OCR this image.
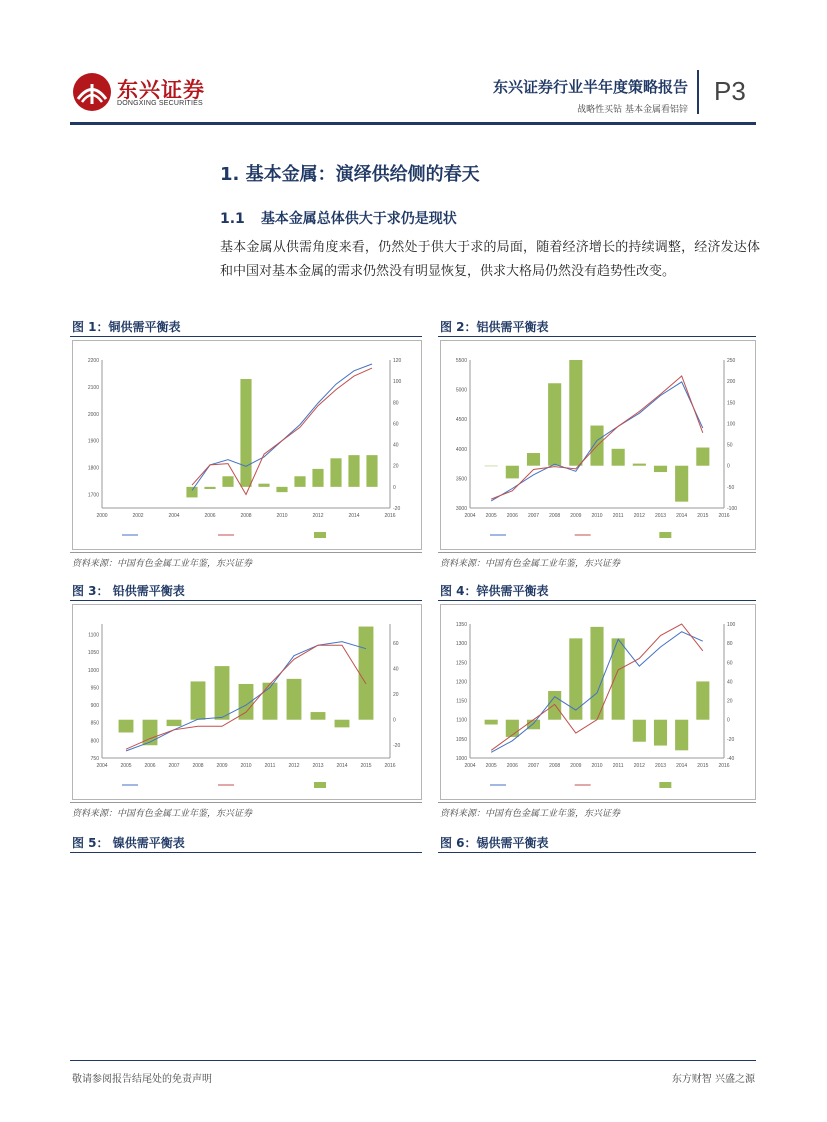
东兴证券
DONGXING SECURITIES
东兴证券行业半年度策略报告
战略性买钻 基本金属看铝锌
P3
1. 基本金属：演绎供给侧的春天
1.1 基本金属总体供大于求仍是现状
基本金属从供需角度来看，仍然处于供大于求的局面，随着经济增长的持续调整，经济发达体和中国对基本金属的需求仍然没有明显恢复，供求大格局仍然没有趋势性改变。
图 1：铜供需平衡表
1700
1800
1900
2000
2100
2200
-20
0
20
40
60
80
100
120
2000	2002	2004	2006	2008	2010	2012	2014	2016
资料来源：中国有色金属工业年鉴，东兴证券
图 2：铝供需平衡表
3000
3500
4000
4500
5000
5500
-100
-50
0
50
100
150
200
250
2004 2005 2006 2007 2008 2009 2010 2011 2012 2013 2014 2015 2016
资料来源：中国有色金属工业年鉴，东兴证券
图 3： 铅供需平衡表
750
800
850
900
950
1000
1050
1100
-20
0
20
40
60
2004	2005	2006	2007	2008	2009	2010	2011	2012	2013	2014	2015	2016
资料来源：中国有色金属工业年鉴，东兴证券
图 4：锌供需平衡表
1000
1050
1100
1150
1200
1250
1300
1350
-40
-20
0
20
40
60
80
100
2004 2005 2006 2007 2008 2009 2010 2011 2012 2013 2014 2015 2016
资料来源：中国有色金属工业年鉴，东兴证券
图 5： 镍供需平衡表	图 6：锡供需平衡表
敬请参阅报告结尾处的免责声明	东方财智 兴盛之源
